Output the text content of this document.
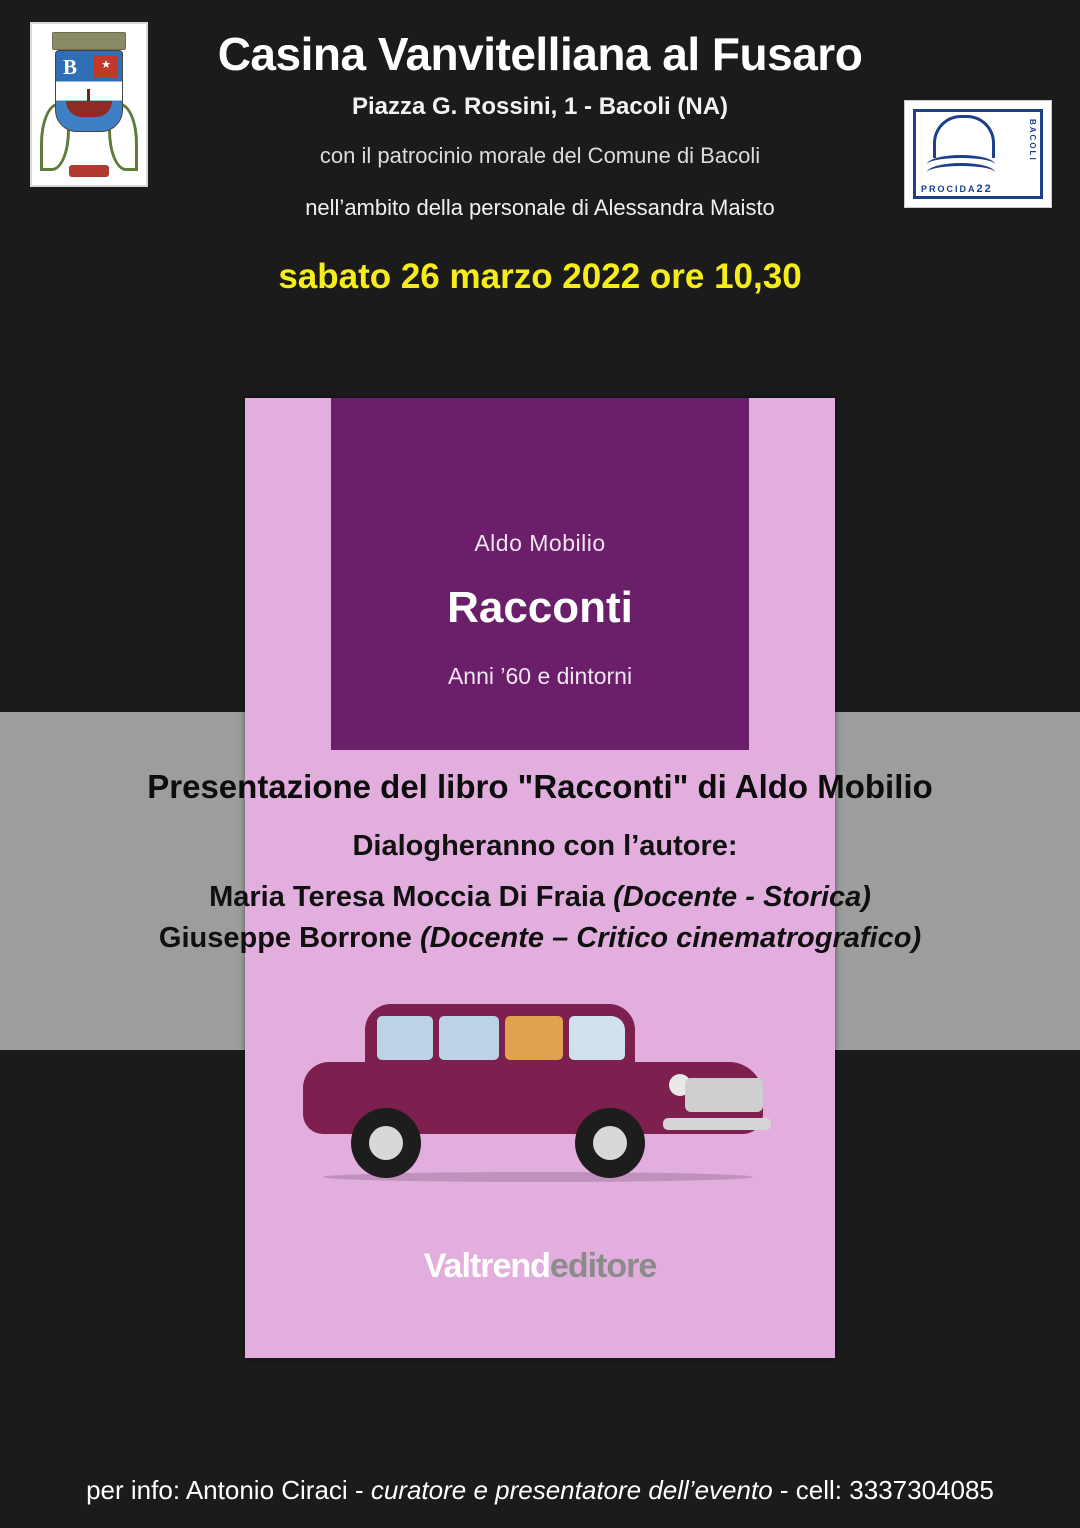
B ★	Casina Vanvitelliana al Fusaro
Piazza G. Rossini, 1 - Bacoli (NA)
con il patrocinio morale del Comune di Bacoli
nell’ambito della personale di Alessandra Maisto
sabato 26 marzo 2022 ore 10,30
PROCIDA22
BACOLI
Aldo Mobilio
Racconti
Anni ’60 e dintorni
Valtrendeditore
Presentazione del libro "Racconti" di Aldo Mobilio
Dialogheranno con l’autore:
Maria Teresa Moccia Di Fraia (Docente - Storica)
Giuseppe Borrone (Docente – Critico cinematrografico)
per info: Antonio Ciraci - curatore e presentatore dell’evento - cell: 3337304085
